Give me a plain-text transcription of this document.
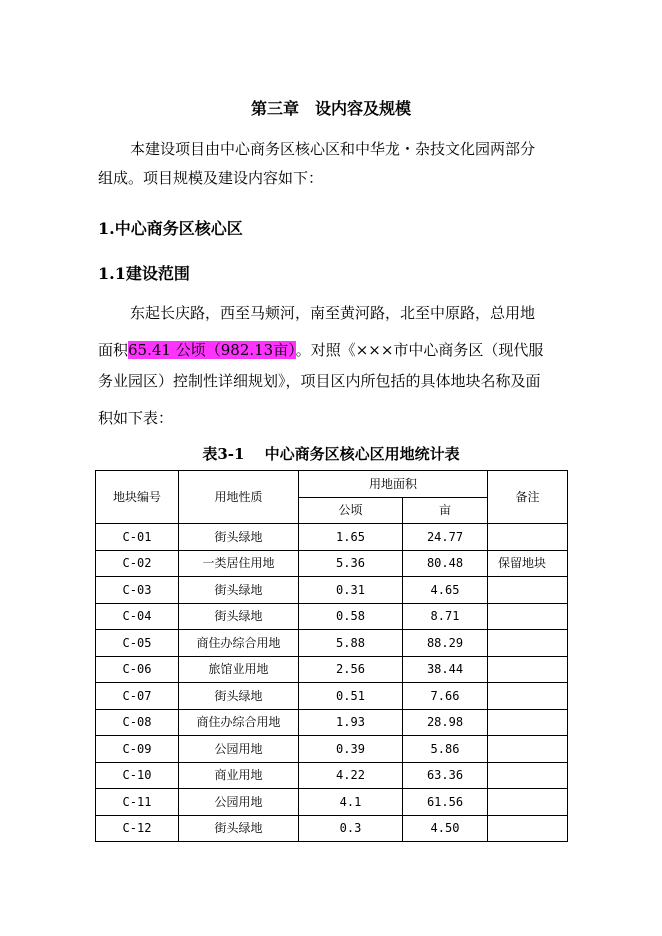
第三章　设内容及规模
本建设项目由中心商务区核心区和中华龙・杂技文化园两部分
组成。项目规模及建设内容如下：
1.中心商务区核心区
1.1建设范围
东起长庆路，西至马颊河，南至黄河路，北至中原路，总用地
面积65.41 公顷（982.13亩）。对照《×××市中心商务区（现代服
务业园区）控制性详细规划》，项目区内所包括的具体地块名称及面
积如下表：
表3-1　 中心商务区核心区用地统计表
地块编号	用地性质	用地面积		备注
		公顷	亩	
C-01	街头绿地	1.65	24.77	
C-02	一类居住用地	5.36	80.48	保留地块
C-03	街头绿地	0.31	4.65	
C-04	街头绿地	0.58	8.71	
C-05	商住办综合用地	5.88	88.29	
C-06	旅馆业用地	2.56	38.44	
C-07	街头绿地	0.51	7.66	
C-08	商住办综合用地	1.93	28.98	
C-09	公园用地	0.39	5.86	
C-10	商业用地	4.22	63.36	
C-11	公园用地	4.1	61.56	
C-12	街头绿地	0.3	4.50	
